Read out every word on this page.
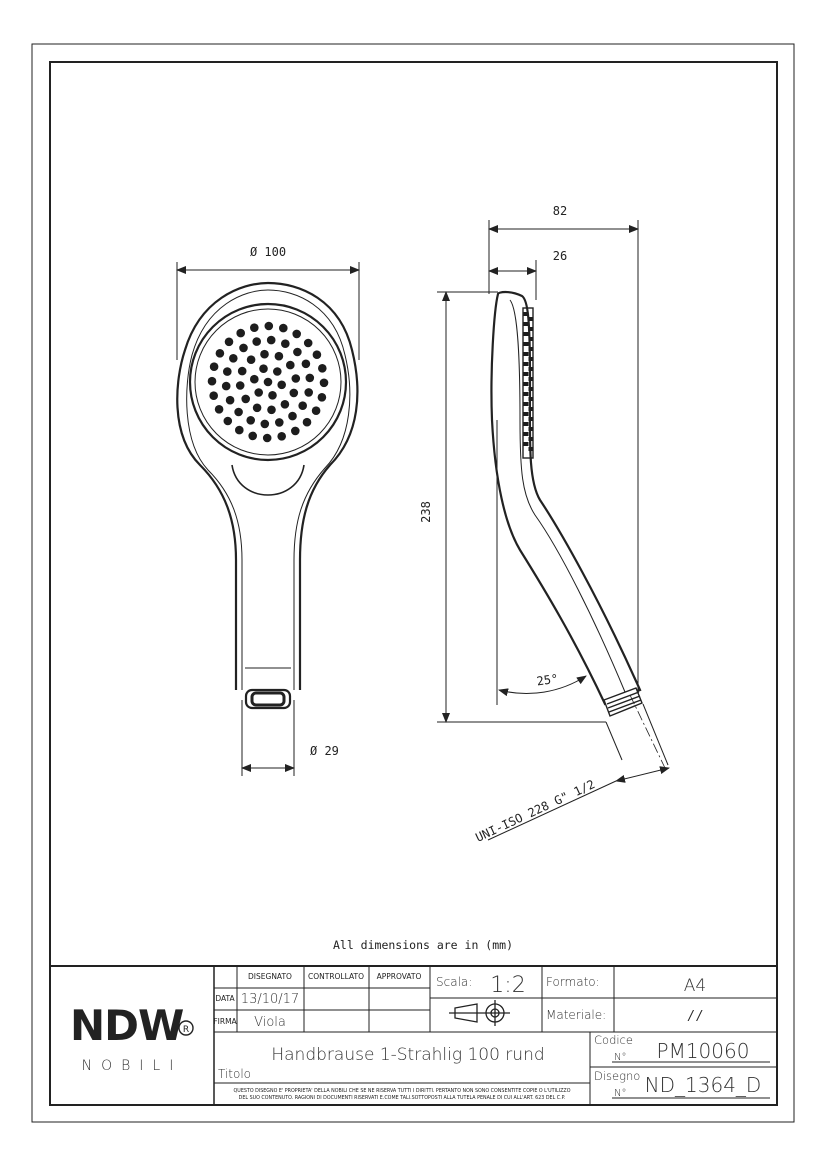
Ø 100
Ø 29
82
26
238
25°
UNI-ISO 228 G" 1/2
All dimensions are in (mm)
NDW R
NOBILI
DISEGNATO CONTROLLATO APPROVATO
DATA
FIRMA
13/10/17
Viola
Scala: 1:2 Formato:	A4
Materiale:	/ /
Handbrause 1-Strahlig 100 rund
Titolo
Codice
N° PM10060
Disegno
N° ND_1364_D
QUESTO DISEGNO E' PROPRIETA' DELLA NOBILI CHE SE NE RISERVA TUTTI I DIRITTI. PERTANTO NON SONO CONSENTITE COPIE O L'UTILIZZO
DEL SUO CONTENUTO. RAGIONI DI DOCUMENTI RISERVATI E.COME TALI.SOTTOPOSTI ALLA TUTELA PENALE DI CUI ALL'ART. 623 DEL C.P.
